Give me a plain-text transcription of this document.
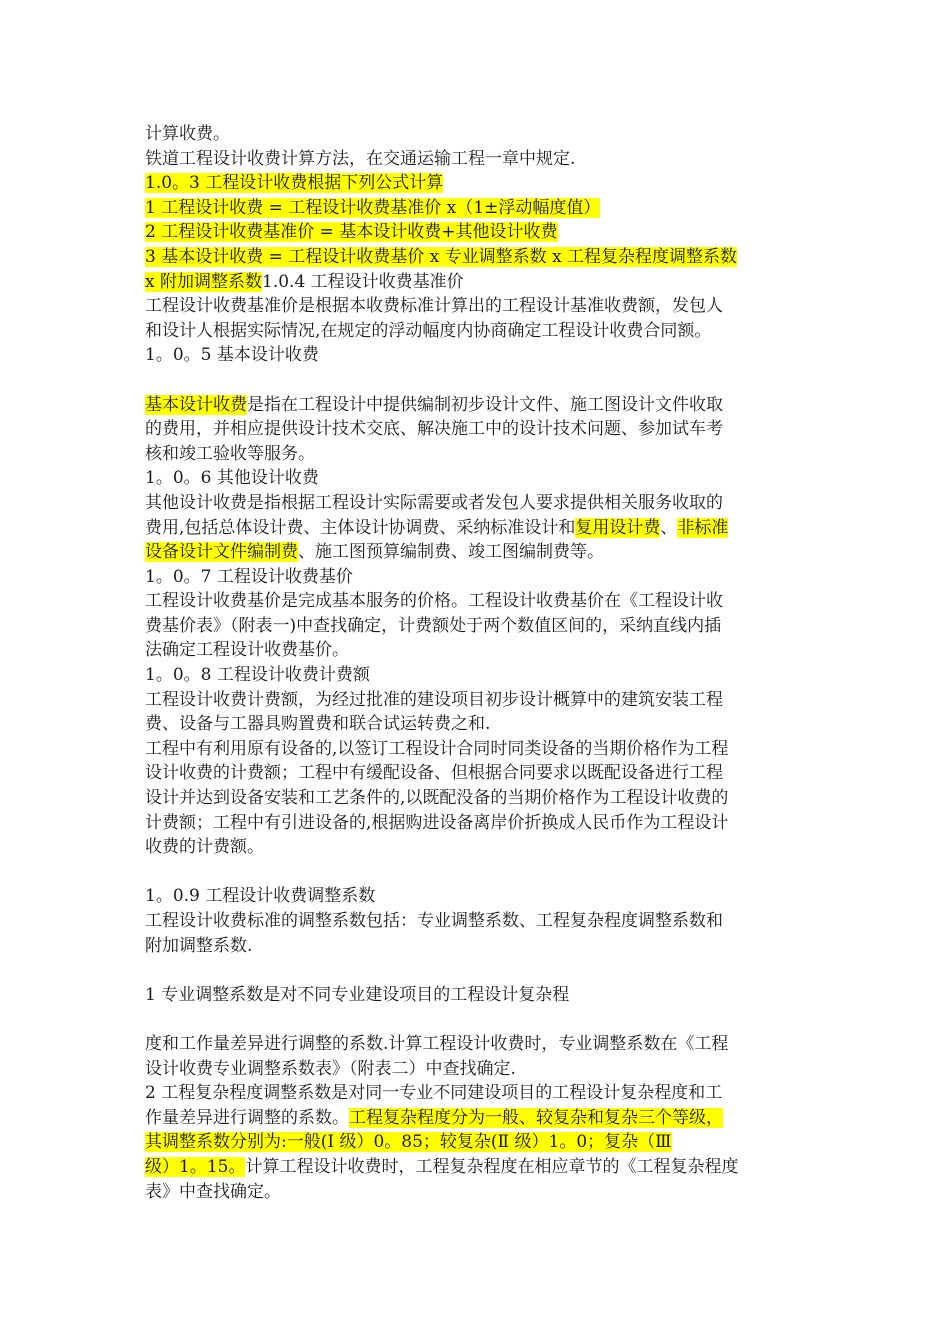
计算收费。
铁道工程设计收费计算方法，在交通运输工程一章中规定.
1.0。3 工程设计收费根据下列公式计算
1 工程设计收费 = 工程设计收费基准价 x（1±浮动幅度值）
2 工程设计收费基准价 = 基本设计收费+其他设计收费
3 基本设计收费 = 工程设计收费基价 x 专业调整系数 x 工程复杂程度调整系数
x 附加调整系数1.0.4 工程设计收费基准价
工程设计收费基准价是根据本收费标准计算出的工程设计基准收费额，发包人
和设计人根据实际情况,在规定的浮动幅度内协商确定工程设计收费合同额。
1。0。5 基本设计收费
基本设计收费是指在工程设计中提供编制初步设计文件、施工图设计文件收取
的费用，并相应提供设计技术交底、解决施工中的设计技术问题、参加试车考
核和竣工验收等服务。
1。0。6 其他设计收费
其他设计收费是指根据工程设计实际需要或者发包人要求提供相关服务收取的
费用,包括总体设计费、主体设计协调费、采纳标准设计和复用设计费、非标准
设备设计文件编制费、施工图预算编制费、竣工图编制费等。
1。0。7 工程设计收费基价
工程设计收费基价是完成基本服务的价格。工程设计收费基价在《工程设计收
费基价表》（附表一)中查找确定，计费额处于两个数值区间的，采纳直线内插
法确定工程设计收费基价。
1。0。8 工程设计收费计费额
工程设计收费计费额，为经过批准的建设项目初步设计概算中的建筑安装工程
费、设备与工器具购置费和联合试运转费之和.
工程中有利用原有设备的,以签订工程设计合同时同类设备的当期价格作为工程
设计收费的计费额；工程中有缓配设备、但根据合同要求以既配设备进行工程
设计并达到设备安装和工艺条件的,以既配没备的当期价格作为工程设计收费的
计费额；工程中有引进设备的,根据购进设备离岸价折换成人民币作为工程设计
收费的计费额。
1。0.9 工程设计收费调整系数
工程设计收费标准的调整系数包括：专业调整系数、工程复杂程度调整系数和
附加调整系数.
1 专业调整系数是对不同专业建设项目的工程设计复杂程
度和工作量差异进行调整的系数.计算工程设计收费时，专业调整系数在《工程
设计收费专业调整系数表》（附表二）中查找确定.
2 工程复杂程度调整系数是对同一专业不同建设项目的工程设计复杂程度和工
作量差异进行调整的系数。工程复杂程度分为一般、较复杂和复杂三个等级，
其调整系数分别为:一般(Ⅰ 级）0。85；较复杂(Ⅱ 级）1。0；复杂（Ⅲ
级）1。15。计算工程设计收费时，工程复杂程度在相应章节的《工程复杂程度
表》中查找确定。
